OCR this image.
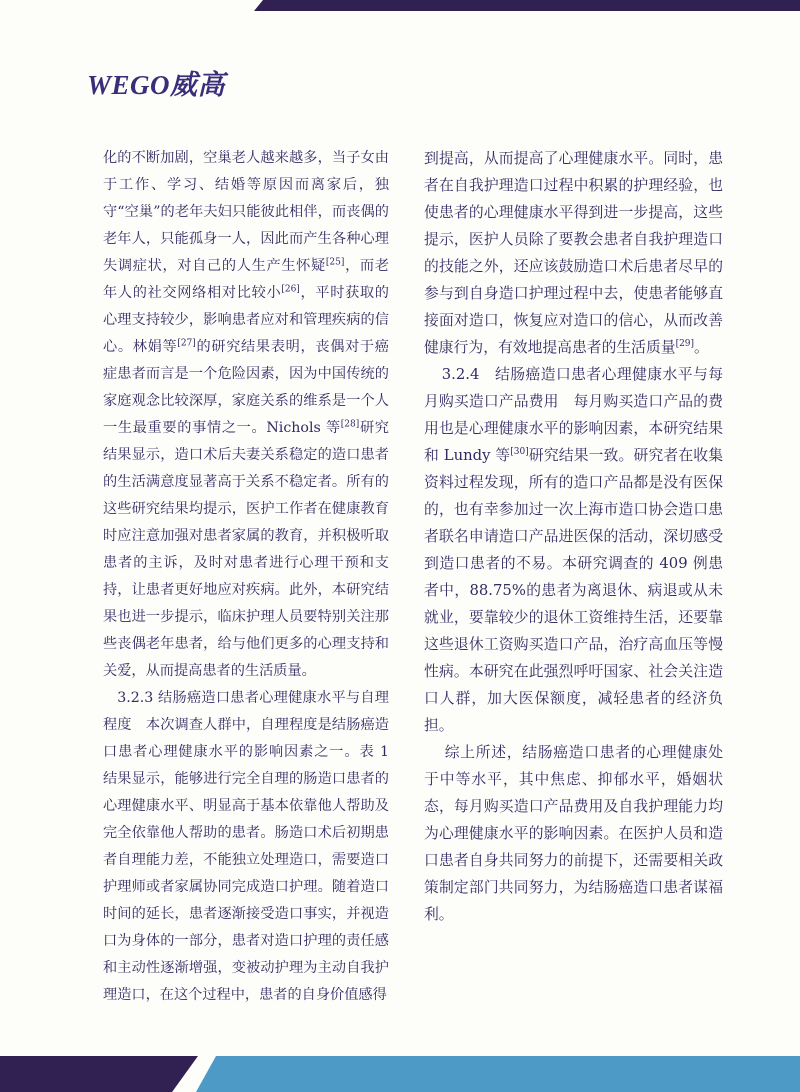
WEGO威高

化的不断加剧，空巢老人越来越多，当子女由于工作、学习、结婚等原因而离家后，独守“空巢”的老年夫妇只能彼此相伴，而丧偶的老年人，只能孤身一人，因此而产生各种心理失调症状，对自己的人生产生怀疑[25]，而老年人的社交网络相对比较小[26]，平时获取的心理支持较少，影响患者应对和管理疾病的信心。林娟等[27]的研究结果表明，丧偶对于癌症患者而言是一个危险因素，因为中国传统的家庭观念比较深厚，家庭关系的维系是一个人一生最重要的事情之一。Nichols 等[28]研究结果显示，造口术后夫妻关系稳定的造口患者的生活满意度显著高于关系不稳定者。所有的这些研究结果均提示，医护工作者在健康教育时应注意加强对患者家属的教育，并积极听取患者的主诉，及时对患者进行心理干预和支持，让患者更好地应对疾病。此外，本研究结果也进一步提示，临床护理人员要特别关注那些丧偶老年患者，给与他们更多的心理支持和关爱，从而提高患者的生活质量。

3.2.3 结肠癌造口患者心理健康水平与自理程度　本次调查人群中，自理程度是结肠癌造口患者心理健康水平的影响因素之一。表 1 结果显示，能够进行完全自理的肠造口患者的心理健康水平、明显高于基本依靠他人帮助及完全依靠他人帮助的患者。肠造口术后初期患者自理能力差，不能独立处理造口，需要造口护理师或者家属协同完成造口护理。随着造口时间的延长，患者逐渐接受造口事实，并视造口为身体的一部分，患者对造口护理的责任感和主动性逐渐增强，变被动护理为主动自我护理造口，在这个过程中，患者的自身价值感得

到提高，从而提高了心理健康水平。同时，患者在自我护理造口过程中积累的护理经验，也使患者的心理健康水平得到进一步提高，这些提示，医护人员除了要教会患者自我护理造口的技能之外，还应该鼓励造口术后患者尽早的参与到自身造口护理过程中去，使患者能够直接面对造口，恢复应对造口的信心，从而改善健康行为，有效地提高患者的生活质量[29]。

3.2.4　结肠癌造口患者心理健康水平与每月购买造口产品费用　每月购买造口产品的费用也是心理健康水平的影响因素，本研究结果和 Lundy 等[30]研究结果一致。研究者在收集资料过程发现，所有的造口产品都是没有医保的，也有幸参加过一次上海市造口协会造口患者联名申请造口产品进医保的活动，深切感受到造口患者的不易。本研究调查的 409 例患者中，88.75%的患者为离退休、病退或从未就业，要靠较少的退休工资维持生活，还要靠这些退休工资购买造口产品，治疗高血压等慢性病。本研究在此强烈呼吁国家、社会关注造口人群，加大医保额度，减轻患者的经济负担。

综上所述，结肠癌造口患者的心理健康处于中等水平，其中焦虑、抑郁水平，婚姻状态，每月购买造口产品费用及自我护理能力均为心理健康水平的影响因素。在医护人员和造口患者自身共同努力的前提下，还需要相关政策制定部门共同努力，为结肠癌造口患者谋福利。
